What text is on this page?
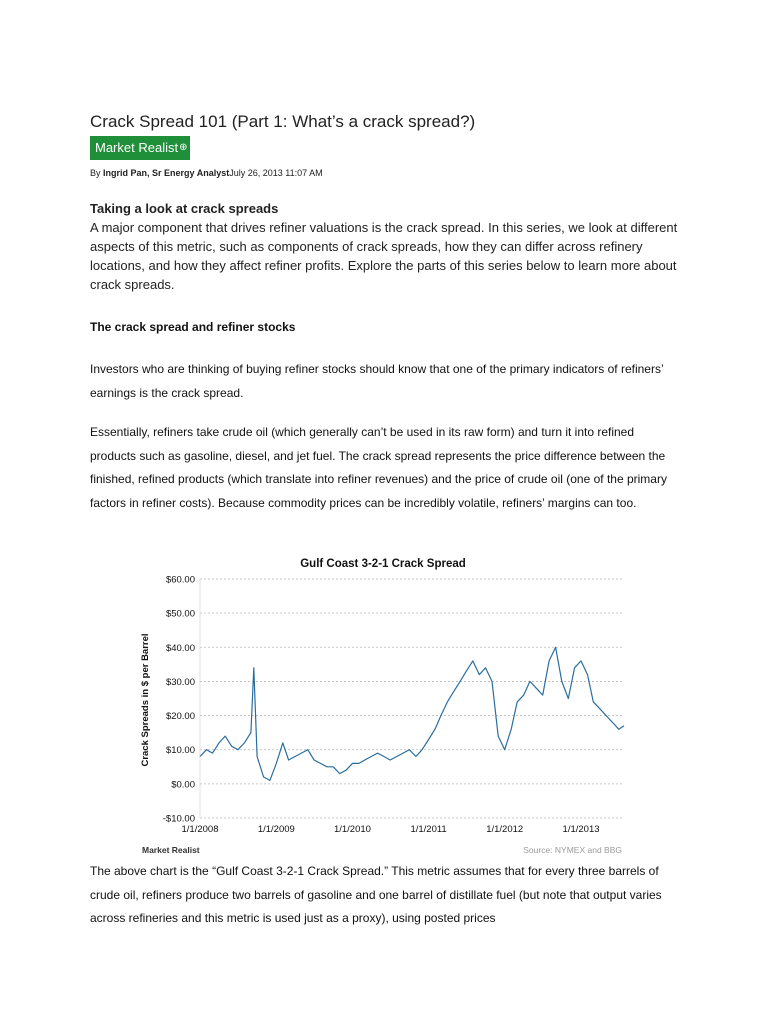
Crack Spread 101 (Part 1: What’s a crack spread?)
Market Realist⊕
By Ingrid Pan, Sr Energy AnalystJuly 26, 2013 11:07 AM
Taking a look at crack spreads

A major component that drives refiner valuations is the crack spread. In this series, we look at different aspects of this metric, such as components of crack spreads, how they can differ across refinery locations, and how they affect refiner profits. Explore the parts of this series below to learn more about crack spreads.

The crack spread and refiner stocks

Investors who are thinking of buying refiner stocks should know that one of the primary indicators of refiners’ earnings is the crack spread.

Essentially, refiners take crude oil (which generally can’t be used in its raw form) and turn it into refined products such as gasoline, diesel, and jet fuel. The crack spread represents the price difference between the finished, refined products (which translate into refiner revenues) and the price of crude oil (one of the primary factors in refiner costs). Because commodity prices can be incredibly volatile, refiners’ margins can too.

Gulf Coast 3-2-1 Crack Spread
Crack Spreads in $ per Barrel
$60.00
$50.00
$40.00
$30.00
$20.00
$10.00
$0.00
-$10.00
1/1/2008	1/1/2009	1/1/2010	1/1/2011	1/1/2012	1/1/2013
Market Realist	Source: NYMEX and BBG

The above chart is the “Gulf Coast 3-2-1 Crack Spread.” This metric assumes that for every three barrels of crude oil, refiners produce two barrels of gasoline and one barrel of distillate fuel (but note that output varies across refineries and this metric is used just as a proxy), using posted prices
